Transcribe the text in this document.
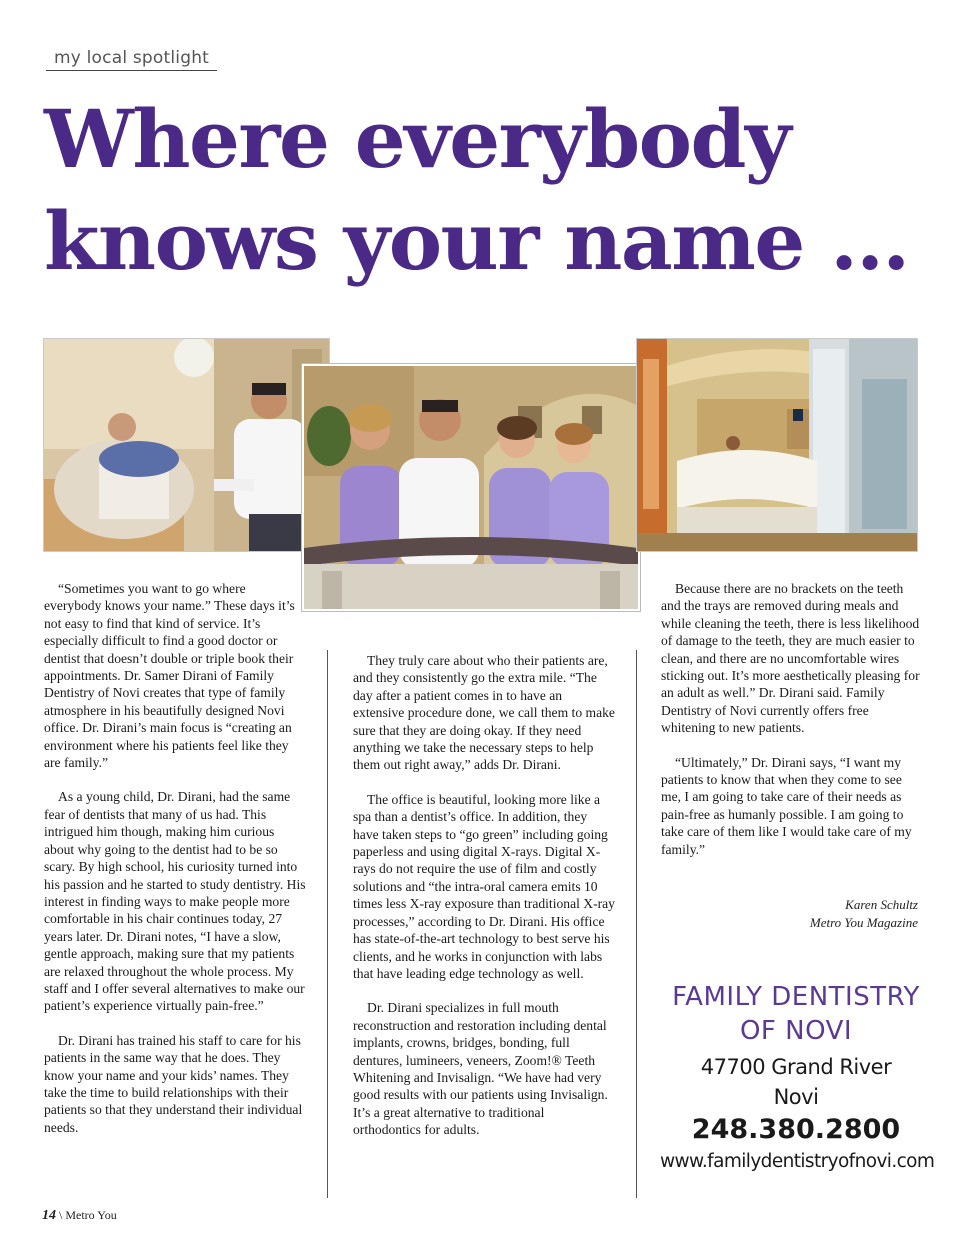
my local spotlight
Where everybody knows your name …

“Sometimes you want to go where everybody knows your name.” These days it’s not easy to find that kind of service. It’s especially difficult to find a good doctor or dentist that doesn’t double or triple book their appointments. Dr. Samer Dirani of Family Dentistry of Novi creates that type of family atmosphere in his beautifully designed Novi office. Dr. Dirani’s main focus is “creating an environment where his patients feel like they are family.”

As a young child, Dr. Dirani, had the same fear of dentists that many of us had. This intrigued him though, making him curious about why going to the dentist had to be so scary. By high school, his curiosity turned into his passion and he started to study dentistry. His interest in finding ways to make people more comfortable in his chair continues today, 27 years later. Dr. Dirani notes, “I have a slow, gentle approach, making sure that my patients are relaxed throughout the whole process. My staff and I offer several alternatives to make our patient’s experience virtually pain-free.”

Dr. Dirani has trained his staff to care for his patients in the same way that he does. They know your name and your kids’ names. They take the time to build relationships with their patients so that they understand their individual needs.

They truly care about who their patients are, and they consistently go the extra mile. “The day after a patient comes in to have an extensive procedure done, we call them to make sure that they are doing okay. If they need anything we take the necessary steps to help them out right away,” adds Dr. Dirani.

The office is beautiful, looking more like a spa than a dentist’s office. In addition, they have taken steps to “go green” including going paperless and using digital X-rays. Digital X-rays do not require the use of film and costly solutions and “the intra-oral camera emits 10 times less X-ray exposure than traditional X-ray processes,” according to Dr. Dirani. His office has state-of-the-art technology to best serve his clients, and he works in conjunction with labs that have leading edge technology as well.

Dr. Dirani specializes in full mouth reconstruction and restoration including dental implants, crowns, bridges, bonding, full dentures, lumineers, veneers, Zoom!® Teeth Whitening and Invisalign. “We have had very good results with our patients using Invisalign. It’s a great alternative to traditional orthodontics for adults.

Because there are no brackets on the teeth and the trays are removed during meals and while cleaning the teeth, there is less likelihood of damage to the teeth, they are much easier to clean, and there are no uncomfortable wires sticking out. It’s more aesthetically pleasing for an adult as well.” Dr. Dirani said. Family Dentistry of Novi currently offers free whitening to new patients.

“Ultimately,” Dr. Dirani says, “I want my patients to know that when they come to see me, I am going to take care of their needs as pain-free as humanly possible. I am going to take care of them like I would take care of my family.”

Karen Schultz
Metro You Magazine
FAMILY DENTISTRY
OF NOVI
47700 Grand River
Novi
248.380.2800
www.familydentistryofnovi.com
14 \ Metro You
